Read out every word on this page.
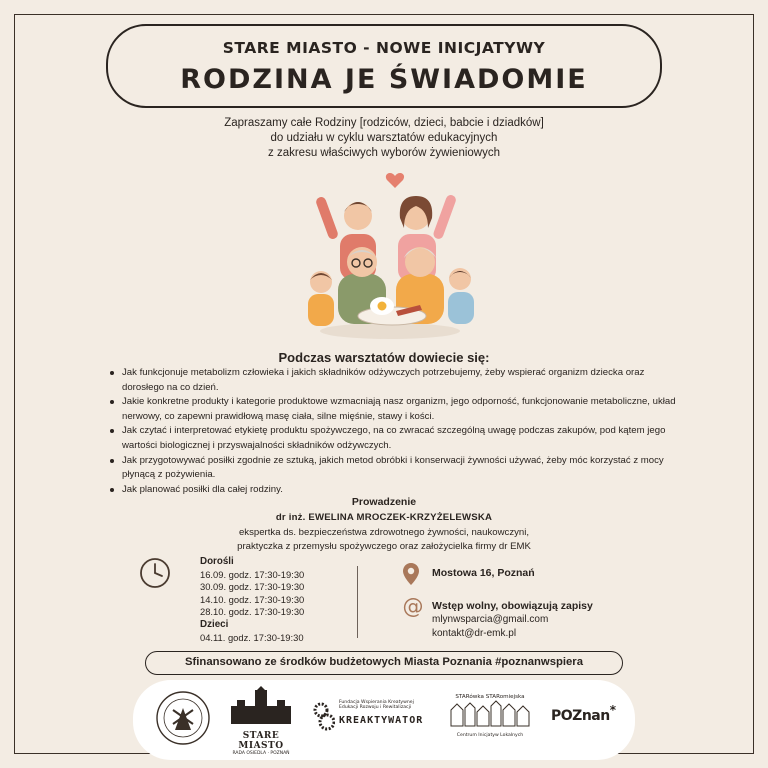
STARE MIASTO - NOWE INICJATYWY
RODZINA JE ŚWIADOMIE
Zapraszamy całe Rodziny [rodziców, dzieci, babcie i dziadków]
do udziału w cyklu warsztatów edukacyjnych
z zakresu właściwych wyborów żywieniowych
Podczas warsztatów dowiecie się:
Jak funkcjonuje metabolizm człowieka i jakich składników odżywczych potrzebujemy, żeby wspierać organizm dziecka oraz dorosłego na co dzień.
Jakie konkretne produkty i kategorie produktowe wzmacniają nasz organizm, jego odporność, funkcjonowanie metaboliczne, układ nerwowy, co zapewni prawidłową masę ciała, silne mięśnie, stawy i kości.
Jak czytać i interpretować etykietę produktu spożywczego, na co zwracać szczególną uwagę podczas zakupów, pod kątem jego wartości biologicznej i przyswajalności składników odżywczych.
Jak przygotowywać posiłki zgodnie ze sztuką, jakich metod obróbki i konserwacji żywności używać, żeby móc korzystać z mocy płynącą z pożywienia.
Jak planować posiłki dla całej rodziny.
Prowadzenie
dr inż. EWELINA MROCZEK-KRZYŻELEWSKA
ekspertka ds. bezpieczeństwa zdrowotnego żywności, naukowczyni,
praktyczka z przemysłu spożywczego oraz założycielka firmy dr EMK
Dorośli
16.09. godz. 17:30-19:30
30.09. godz. 17:30-19:30
14.10. godz. 17:30-19:30
28.10. godz. 17:30-19:30
Dzieci
04.11. godz. 17:30-19:30
Mostowa 16, Poznań
@ Wstęp wolny, obowiązują zapisy
mlynwsparcia@gmail.com
kontakt@dr-emk.pl
Sfinansowano ze środków budżetowych Miasta Poznania #poznanwspiera
STARE MIASTO
RADA OSIEDLA · POZNAŃ
Fundacja Wspierania Kreatywnej Edukacji Rozwoju i Rewitalizacji
KREAKTYWATOR
STARówka STARomiejska
Centrum Inicjatyw Lokalnych
POZnan*
